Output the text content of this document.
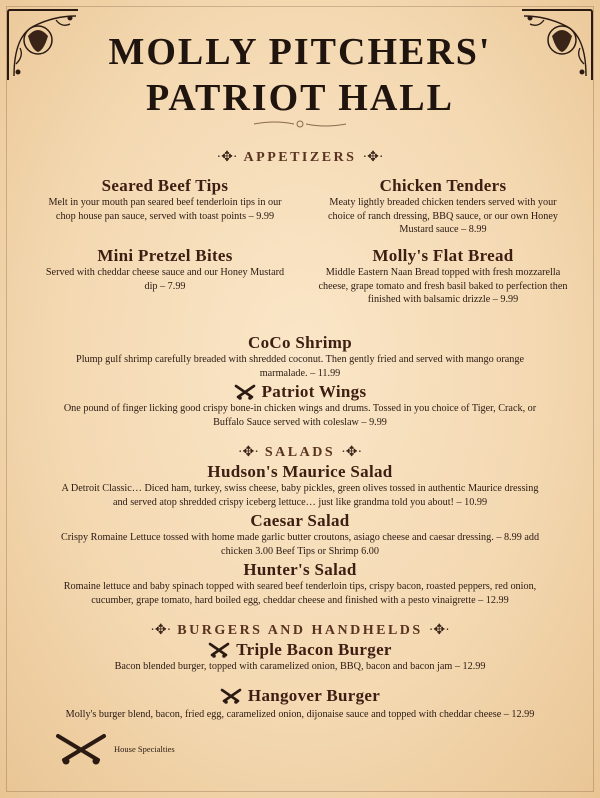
MOLLY PITCHERS'
PATRIOT HALL
·✥· APPETIZERS ·✥·
Seared Beef Tips
Melt in your mouth pan seared beef tenderloin tips in our chop house pan sauce, served with toast points – 9.99
Chicken Tenders
Meaty lightly breaded chicken tenders served with your choice of ranch dressing, BBQ sauce, or our own Honey Mustard sauce – 8.99
Mini Pretzel Bites
Served with cheddar cheese sauce and our Honey Mustard dip – 7.99
Molly's Flat Bread
Middle Eastern Naan Bread topped with fresh mozzarella cheese, grape tomato and fresh basil baked to perfection then finished with balsamic drizzle – 9.99
CoCo Shrimp
Plump gulf shrimp carefully breaded with shredded coconut. Then gently fried and served with mango orange marmalade. – 11.99
Patriot Wings
One pound of finger licking good crispy bone-in chicken wings and drums. Tossed in you choice of Tiger, Crack, or Buffalo Sauce served with coleslaw – 9.99
·✥· SALADS ·✥·
Hudson's Maurice Salad
A Detroit Classic… Diced ham, turkey, swiss cheese, baby pickles, green olives tossed in authentic Maurice dressing and served atop shredded crispy iceberg lettuce… just like grandma told you about! – 10.99
Caesar Salad
Crispy Romaine Lettuce tossed with home made garlic butter croutons, asiago cheese and caesar dressing. – 8.99 add chicken 3.00 Beef Tips or Shrimp 6.00
Hunter's Salad
Romaine lettuce and baby spinach topped with seared beef tenderloin tips, crispy bacon, roasted peppers, red onion, cucumber, grape tomato, hard boiled egg, cheddar cheese and finished with a pesto vinaigrette – 12.99
·✥· BURGERS AND HANDHELDS ·✥·
Triple Bacon Burger
Bacon blended burger, topped with caramelized onion, BBQ, bacon and bacon jam – 12.99
Hangover Burger
Molly's burger blend, bacon, fried egg, caramelized onion, dijonaise sauce and topped with cheddar cheese – 12.99
House Specialties
